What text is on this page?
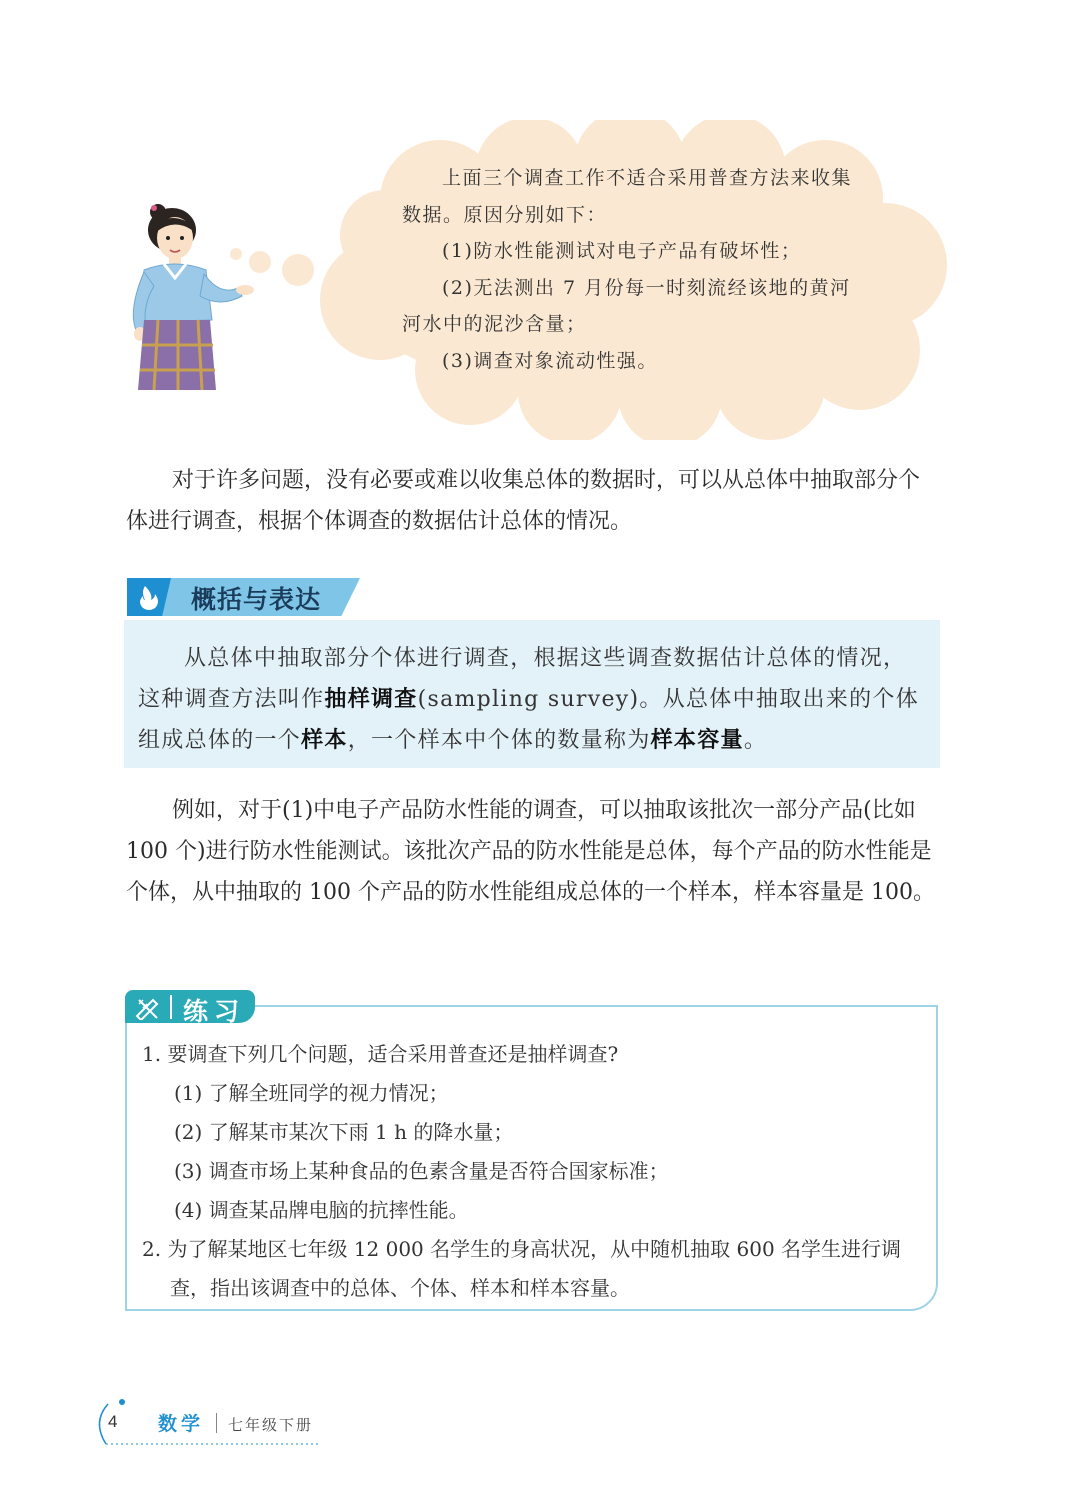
上面三个调查工作不适合采用普查方法来收集

数据。原因分别如下：

(1)防水性能测试对电子产品有破坏性；

(2)无法测出 7 月份每一时刻流经该地的黄河

河水中的泥沙含量；

(3)调查对象流动性强。

对于许多问题，没有必要或难以收集总体的数据时，可以从总体中抽取部分个体进行调查，根据个体调查的数据估计总体的情况。

概括与表达

从总体中抽取部分个体进行调查，根据这些调查数据估计总体的情况，这种调查方法叫作抽样调查(sampling survey)。从总体中抽取出来的个体组成总体的一个样本，一个样本中个体的数量称为样本容量。

例如，对于(1)中电子产品防水性能的调查，可以抽取该批次一部分产品(比如 100 个)进行防水性能测试。该批次产品的防水性能是总体，每个产品的防水性能是个体，从中抽取的 100 个产品的防水性能组成总体的一个样本，样本容量是 100。

练习

1. 要调查下列几个问题，适合采用普查还是抽样调查?

(1) 了解全班同学的视力情况；

(2) 了解某市某次下雨 1 h 的降水量；

(3) 调查市场上某种食品的色素含量是否符合国家标准；

(4) 调查某品牌电脑的抗摔性能。

2. 为了解某地区七年级 12 000 名学生的身高状况，从中随机抽取 600 名学生进行调查，指出该调查中的总体、个体、样本和样本容量。

4 数学 七年级下册
